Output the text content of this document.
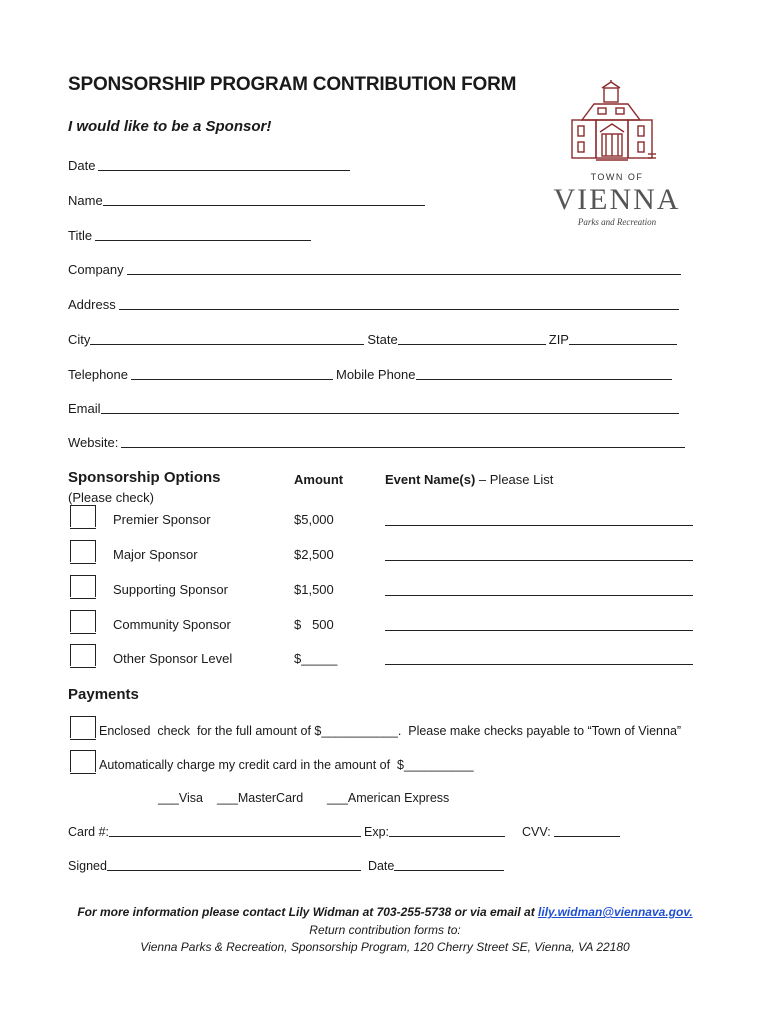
SPONSORSHIP PROGRAM CONTRIBUTION FORM
I would like to be a Sponsor!
TOWN OF
VIENNA
Parks and Recreation
Date
Name
Title
Company
Address
City	State	ZIP
Telephone	Mobile Phone
Email
Website:
Sponsorship Options
(Please check)
Amount	Event Name(s) – Please List
Premier Sponsor	$5,000
Major Sponsor	$2,500
Supporting Sponsor	$1,500
Community Sponsor	$   500
Other Sponsor Level	$_____
Payments
Enclosed  check  for the full amount of $___________.  Please make checks payable to “Town of Vienna”
Automatically charge my credit card in the amount of  $__________
___Visa ___MasterCard ___American Express
Card #:	Exp:	CVV:
Signed	Date
For more information please contact Lily Widman at 703-255-5738 or via email at lily.widman@viennava.gov.
Return contribution forms to:
Vienna Parks & Recreation, Sponsorship Program, 120 Cherry Street SE, Vienna, VA 22180
